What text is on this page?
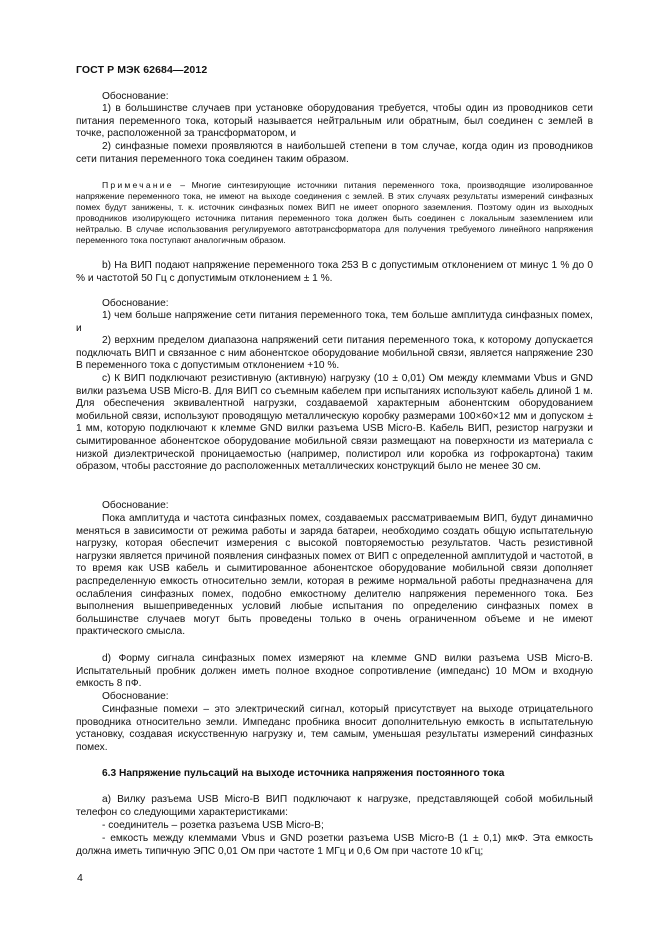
ГОСТ Р МЭК 62684—2012

Обоснование:

1) в большинстве случаев при установке оборудования требуется, чтобы один из проводников сети питания переменного тока, который называется нейтральным или обратным, был соединен с землей в точке, расположенной за трансформатором, и

2) синфазные помехи проявляются в наибольшей степени в том случае, когда один из проводников сети питания переменного тока соединен таким образом.

Примечание – Многие синтезирующие источники питания переменного тока, производящие изолированное напряжение переменного тока, не имеют на выходе соединения с землей. В этих случаях результаты измерений синфазных помех будут занижены, т. к. источник синфазных помех ВИП не имеет опорного заземления. Поэтому один из выходных проводников изолирующего источника питания переменного тока должен быть соединен с локальным заземлением или нейтралью. В случае использования регулируемого автотрансформатора для получения требуемого линейного напряжения переменного тока поступают аналогичным образом.

b) На ВИП подают напряжение переменного тока 253 В с допустимым отклонением от минус 1 % до 0 % и частотой 50 Гц с допустимым отклонением ± 1 %.

Обоснование:

1) чем больше напряжение сети питания переменного тока, тем больше амплитуда синфазных помех, и

2) верхним пределом диапазона напряжений сети питания переменного тока, к которому допускается подключать ВИП и связанное с ним абонентское оборудование мобильной связи, является напряжение 230 В переменного тока с допустимым отклонением +10 %.

c) К ВИП подключают резистивную (активную) нагрузку (10 ± 0,01) Ом между клеммами Vbus и GND вилки разъема USB Micro-B. Для ВИП со съемным кабелем при испытаниях используют кабель длиной 1 м. Для обеспечения эквивалентной нагрузки, создаваемой характерным абонентским оборудованием мобильной связи, используют проводящую металлическую коробку размерами 100×60×12 мм и допуском ± 1 мм, которую подключают к клемме GND вилки разъема USB Micro-B. Кабель ВИП, резистор нагрузки и сымитированное абонентское оборудование мобильной связи размещают на поверхности из материала с низкой диэлектрической проницаемостью (например, полистирол или коробка из гофрокартона) таким образом, чтобы расстояние до расположенных металлических конструкций было не менее 30 см.

Обоснование:

Пока амплитуда и частота синфазных помех, создаваемых рассматриваемым ВИП, будут динамично меняться в зависимости от режима работы и заряда батареи, необходимо создать общую испытательную нагрузку, которая обеспечит измерения с высокой повторяемостью результатов. Часть резистивной нагрузки является причиной появления синфазных помех от ВИП с определенной амплитудой и частотой, в то время как USB кабель и сымитированное абонентское оборудование мобильной связи дополняет распределенную емкость относительно земли, которая в режиме нормальной работы предназначена для ослабления синфазных помех, подобно емкостному делителю напряжения переменного тока. Без выполнения вышеприведенных условий любые испытания по определению синфазных помех в большинстве случаев могут быть проведены только в очень ограниченном объеме и не имеют практического смысла.

d) Форму сигнала синфазных помех измеряют на клемме GND вилки разъема USB Micro-B. Испытательный пробник должен иметь полное входное сопротивление (импеданс) 10 МОм и входную емкость 8 пФ.

Обоснование:

Синфазные помехи – это электрический сигнал, который присутствует на выходе отрицательного проводника относительно земли. Импеданс пробника вносит дополнительную емкость в испытательную установку, создавая искусственную нагрузку и, тем самым, уменьшая результаты измерений синфазных помех.

6.3 Напряжение пульсаций на выходе источника напряжения постоянного тока

а) Вилку разъема USB Micro-B ВИП подключают к нагрузке, представляющей собой мобильный телефон со следующими характеристиками:

- соединитель – розетка разъема USB Micro-B;

- емкость между клеммами Vbus и GND розетки разъема USB Micro-B (1 ± 0,1) мкФ. Эта емкость должна иметь типичную ЭПС 0,01 Ом при частоте 1 МГц и 0,6 Ом при частоте 10 кГц;

4
